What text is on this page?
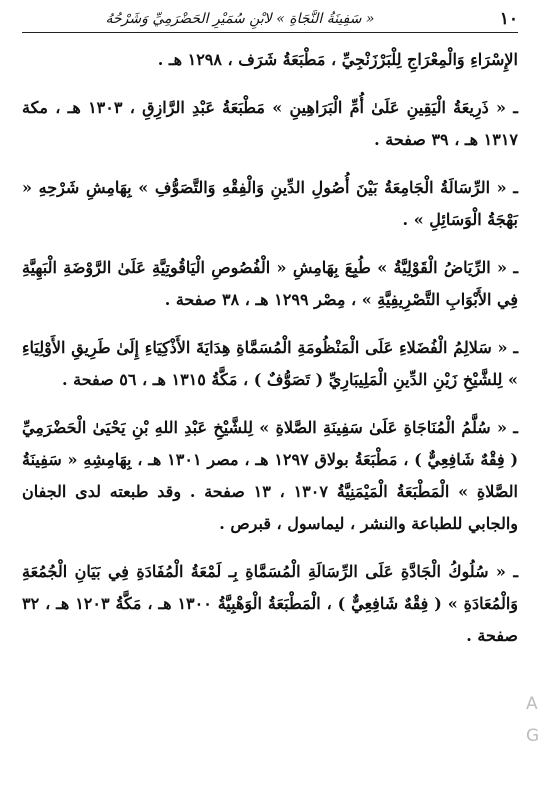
١٠
« سَفِينَةُ النَّجَاةِ » لابْنِ سُمَيْرِ الحَضْرَمِيِّ وَشَرْحُهُ

الإِسْرَاءِ وَالْمِعْرَاجِ لِلْبَرْزَنْجِيِّ ، مَطْبَعَةُ شَرَف ، ١٢٩٨ هـ .

ـ « ذَرِيعَةُ الْيَقِينِ عَلَىٰ أُمِّ الْبَرَاهِينِ » مَطْبَعَةُ عَبْدِ الرَّازِقِ ، ١٣٠٣ هـ ، مكة ١٣١٧ هـ ، ٣٩ صفحة .

ـ « الرِّسَالَةُ الْجَامِعَةُ بَيْنَ أُصُولِ الدِّينِ وَالْفِقْهِ وَالتَّصَوُّفِ » بِهَامِشِ شَرْحِهِ « بَهْجَةُ الْوَسَائِلِ » .

ـ « الرِّيَاضُ الْقَوْلِيَّةُ » طُبِعَ بِهَامِشِ « الْفُصُوصِ الْيَاقُوتِيَّةِ عَلَىٰ الرَّوْضَةِ الْبَهِيَّةِ فِي الأَبْوَابِ التَّصْرِيفِيَّةِ » ، مِصْر ١٢٩٩ هـ ، ٣٨ صفحة .

ـ « سَلالِمُ الْفُضَلاءِ عَلَى الْمَنْظُومَةِ الْمُسَمَّاةِ هِدَايَةَ الأَذْكِيَاءِ إِلَىٰ طَرِيقِ الأَوْلِيَاءِ » لِلشَّيْخِ زَيْنِ الدِّينِ الْمَلِيبَارِيِّ ( تَصَوُّفٌ ) ، مَكَّةُ ١٣١٥ هـ ، ٥٦ صفحة .

ـ « سُلَّمُ الْمُنَاجَاةِ عَلَىٰ سَفِينَةِ الصَّلاةِ » لِلشَّيْخِ عَبْدِ اللهِ بْنِ يَحْيَىٰ الْحَضْرَمِيِّ ( فِقْهٌ شَافِعِيٌّ ) ، مَطْبَعَةُ بولاق ١٢٩٧ هـ ، مصر ١٣٠١ هـ ، بِهَامِشِهِ « سَفِينَةُ الصَّلاةِ » الْمَطْبَعَةُ الْمَيْمَنِيَّةُ ١٣٠٧ ، ١٣ صفحة . وقد طبعته لدى الجفان والجابي للطباعة والنشر ، ليماسول ، قبرص .

ـ « سُلُوكُ الْجَادَّةِ عَلَى الرِّسَالَةِ الْمُسَمَّاةِ بِـ لَمْعَةُ الْمُفَادَةِ فِي بَيَانِ الْجُمُعَةِ وَالْمُعَادَةِ » ( فِقْهٌ شَافِعِيٌّ ) ، الْمَطْبَعَةُ الْوَهْبِيَّةُ ١٣٠٠ هـ ، مَكَّةُ ١٢٠٣ هـ ، ٣٢ صفحة .

A
G
